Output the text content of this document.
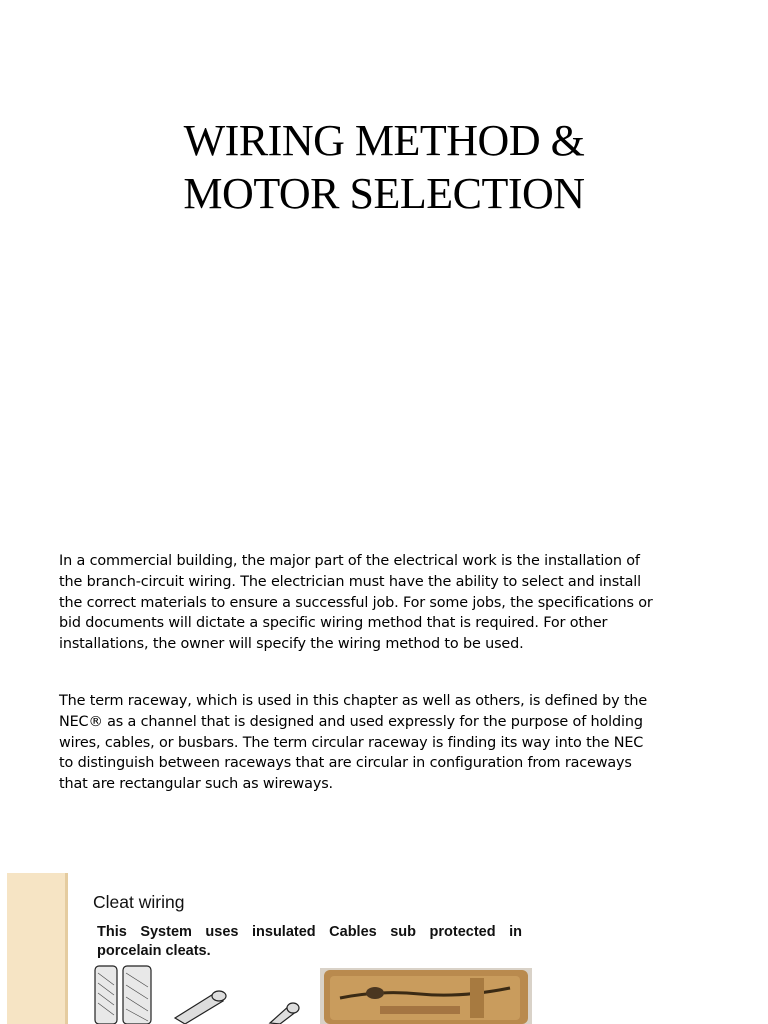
WIRING METHOD &
MOTOR SELECTION
In a commercial building, the major part of the electrical work is the installation of
the branch-circuit wiring. The electrician must have the ability to select and install
the correct materials to ensure a successful job. For some jobs, the specifications or
bid documents will dictate a specific wiring method that is required. For other
installations, the owner will specify the wiring method to be used.
The term raceway, which is used in this chapter as well as others, is defined by the
NEC® as a channel that is designed and used expressly for the purpose of holding
wires, cables, or busbars. The term circular raceway is finding its way into the NEC
to distinguish between raceways that are circular in configuration from raceways
that are rectangular such as wireways.
Cleat wiring
This System uses insulated Cables sub protected in
porcelain cleats.
